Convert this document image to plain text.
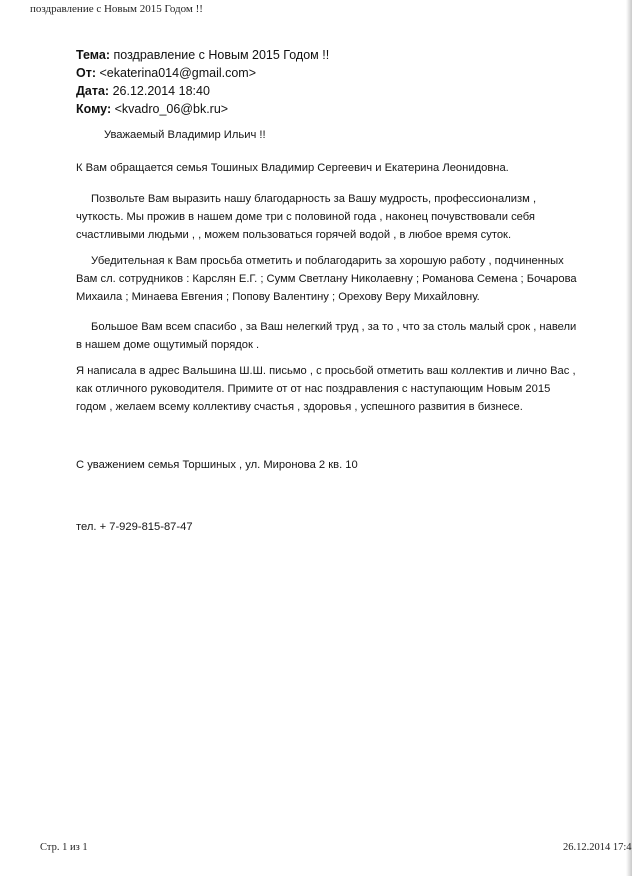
поздравление с Новым 2015 Годом !!
Тема: поздравление с Новым 2015 Годом !!
От: <ekaterina014@gmail.com>
Дата: 26.12.2014 18:40
Кому: <kvadro_06@bk.ru>
Уважаемый Владимир Ильич !!
К Вам обращается семья Тошиных Владимир Сергеевич и Екатерина Леонидовна.
Позвольте Вам выразить нашу благодарность за Вашу мудрость, профессионализм ,
чуткость. Мы прожив в нашем доме три с половиной года , наконец почувствовали себя
счастливыми людьми , , можем пользоваться горячей водой , в любое время суток.
Убедительная к Вам просьба отметить и поблагодарить за хорошую работу , подчиненных
Вам сл. сотрудников : Карслян Е.Г. ; Сумм Светлану Николаевну ; Романова Семена ; Бочарова
Михаила ; Минаева Евгения ; Попову Валентину ; Орехову Веру Михайловну.
Большое Вам всем спасибо , за Ваш нелегкий труд , за то , что за столь малый срок , навели
в нашем доме ощутимый порядок .
Я написала в адрес Вальшина Ш.Ш. письмо , с просьбой отметить ваш коллектив и лично Вас ,
как отличного руководителя. Примите от от нас поздравления с наступающим Новым 2015
годом , желаем всему коллективу счастья , здоровья , успешного развития в бизнесе.
С уважением семья Торшиных , ул. Миронова 2 кв. 10
тел. + 7-929-815-87-47
Стр. 1 из 1	26.12.2014 17:4
